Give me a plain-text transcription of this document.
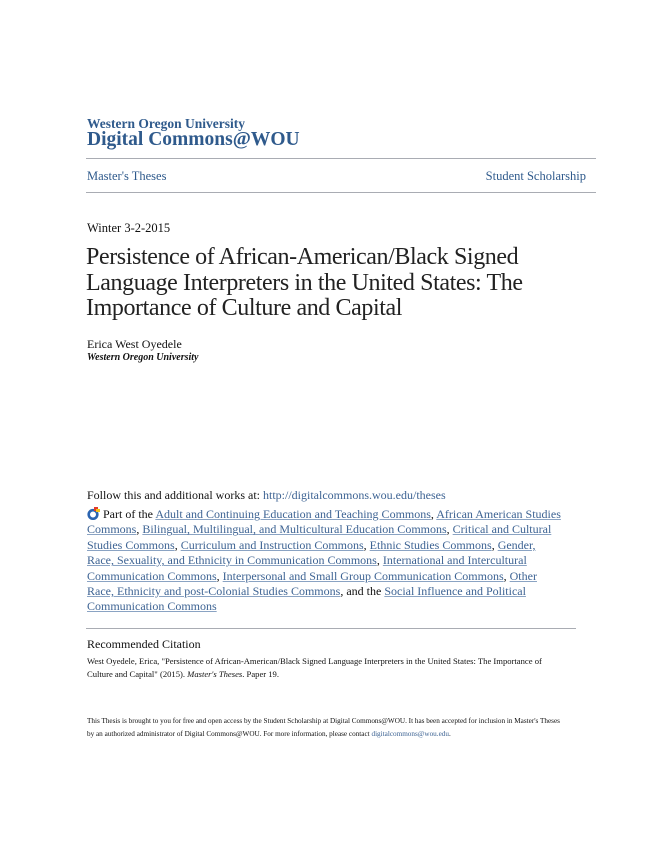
Western Oregon University
Digital Commons@WOU
Master's Theses	Student Scholarship
Winter 3-2-2015
Persistence of African-American/Black Signed
Language Interpreters in the United States: The
Importance of Culture and Capital
Erica West Oyedele
Western Oregon University
Follow this and additional works at: http://digitalcommons.wou.edu/theses
Part of the Adult and Continuing Education and Teaching Commons, African American Studies Commons, Bilingual, Multilingual, and Multicultural Education Commons, Critical and Cultural Studies Commons, Curriculum and Instruction Commons, Ethnic Studies Commons, Gender, Race, Sexuality, and Ethnicity in Communication Commons, International and Intercultural Communication Commons, Interpersonal and Small Group Communication Commons, Other Race, Ethnicity and post-Colonial Studies Commons, and the Social Influence and Political Communication Commons
Recommended Citation
West Oyedele, Erica, "Persistence of African-American/Black Signed Language Interpreters in the United States: The Importance of Culture and Capital" (2015). Master's Theses. Paper 19.
This Thesis is brought to you for free and open access by the Student Scholarship at Digital Commons@WOU. It has been accepted for inclusion in Master's Theses by an authorized administrator of Digital Commons@WOU. For more information, please contact digitalcommons@wou.edu.
